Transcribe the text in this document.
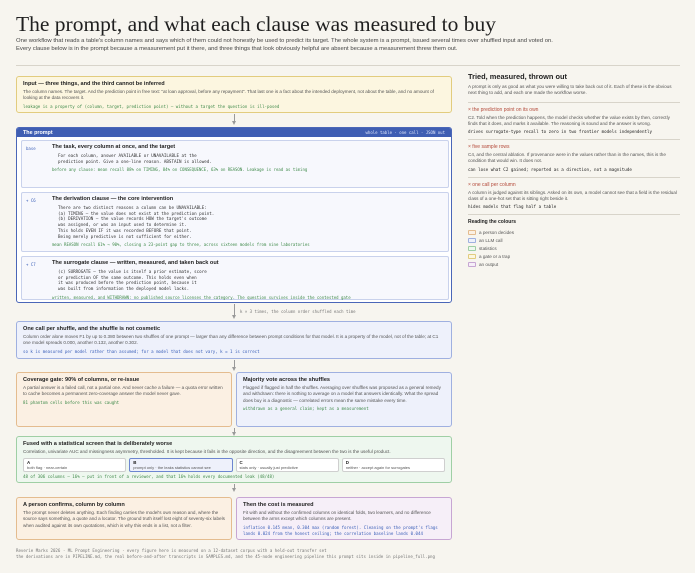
The prompt, and what each clause was measured to buy
One workflow that reads a table's column names and says which of them could not honestly be used to predict its target. The whole system is a prompt, issued several times over shuffled input and voted on.
Every clause below is in the prompt because a measurement put it there, and three things that look obviously helpful are absent because a measurement threw them out.
Input — three things, and the third cannot be inferred
The column names. The target. And the prediction point in free text: "at loan approval, before any repayment". That last one is a fact about the intended deployment, not about the table, and no amount of looking at the data recovers it.
leakage is a property of (column, target, prediction point) — without a target the question is ill-posed
The prompt	whole table · one call · JSON out
base	The task, every column at once, and the target
For each column, answer AVAILABLE or UNAVAILABLE at the
prediction point. Give a one-line reason. ABSTAIN is allowed.
before any clause: mean recall 88% on TIMING, 84% on CONSEQUENCE, 63% on REASON. Leakage is read as timing
+ C6	The derivation clause — the core intervention
There are two distinct reasons a column can be UNAVAILABLE:
(a) TIMING — the value does not exist at the prediction point.
(b) DERIVATION — the value records HOW the target's outcome
was assigned, or was an input used to determine it.
This holds EVEN IF it was recorded BEFORE that point.
Being merely predictive is not sufficient for either.
mean REASON recall 61% → 90%, closing a 23-point gap to three, across sixteen models from nine laboratories
+ C7	The surrogate clause — written, measured, and taken back out
(c) SURROGATE — the value is itself a prior estimate, score
or prediction OF the same outcome. This holds even when
it was produced before the prediction point, because it
was built from information the deployed model lacks.
written, measured, and WITHDRAWN: no published source licenses the category. The question survives inside the contested gate
k × 3 times, the column order shuffled each time
One call per shuffle, and the shuffle is not cosmetic
Column order alone moves F1 by up to 0.380 between two shuffles of one prompt — larger than any difference between prompt conditions for that model. It is a property of the model, not of the table; at C1 one model spreads 0.000, another 0.132, another 0.302.
so k is measured per model rather than assumed; for a model that does not vary, k = 1 is correct
Coverage gate: 90% of columns, or re-issue
A partial answer is a failed call, not a partial one. And never cache a failure — a quota error written to cache becomes a permanent zero-coverage answer the model never gave.
81 phantom cells before this was caught
Majority vote across the shuffles
Flagged if flagged in half the shuffles. Averaging over shuffles was proposed as a general remedy and withdrawn: there is nothing to average on a model that answers identically. What the spread does buy is a diagnostic — correlated errors mean the same mistake every time.
withdrawn as a general claim; kept as a measurement
Fused with a statistical screen that is deliberately worse
Correlation, univariate AUC and missingness asymmetry, thresholded. It is kept because it fails in the opposite direction, and the disagreement between the two is the useful product.
A
both flag · near-certain
B
prompt only · the leaks statistics cannot see
C
stats only · usually just predictive
D
neither · accept again for surrogates
48 of 306 columns — 16% — put in front of a reviewer, and that 16% holds every documented leak (48/48)
A person confirms, column by column
The prompt never deletes anything. Each finding carries the model's own reason and, where the source says something, a quote and a locator. The ground truth itself lost eight of seventy-six labels when audited against its own quotations, which is why this ends in a list, not a filter.
Then the cost is measured
Fit with and without the confirmed columns on identical folds, two learners, and no difference between the arms except which columns are present.
inflation 0.145 mean, 0.304 max (random forest). Cleaning on the prompt's flags lands 0.024 from the honest ceiling; the correlation baseline lands 0.044
Tried, measured, thrown out
A prompt is only as good as what you were willing to take back out of it. Each of these is the obvious next thing to add, and each one made the workflow worse.
× the prediction point on its own
C2. Told when the prediction happens, the model checks whether the value exists by then, correctly finds that it does, and marks it available. The reasoning is sound and the answer is wrong.
drives surrogate-type recall to zero in two frontier models independently
× five sample rows
C4, and the central ablation. If provenance were in the values rather than in the names, this is the condition that would win. It does not.
can lose what C2 gained; reported as a direction, not a magnitude
× one call per column
A column is judged against its siblings. Asked on its own, a model cannot see that a field is the residual class of a one-hot set that is sitting right beside it.
hides models that flag half a table
Reading the colours
a person decides
an LLM call
statistics
a gate or a trap
an output
Reverie Marks 2026 · ML Prompt Engineering · every figure here is measured on a 12-dataset corpus with a held-out transfer set
the derivations are in PIPELINE.md, the real before-and-after transcripts in SAMPLES.md, and the 45-node engineering pipeline this prompt sits inside in pipeline_full.png
